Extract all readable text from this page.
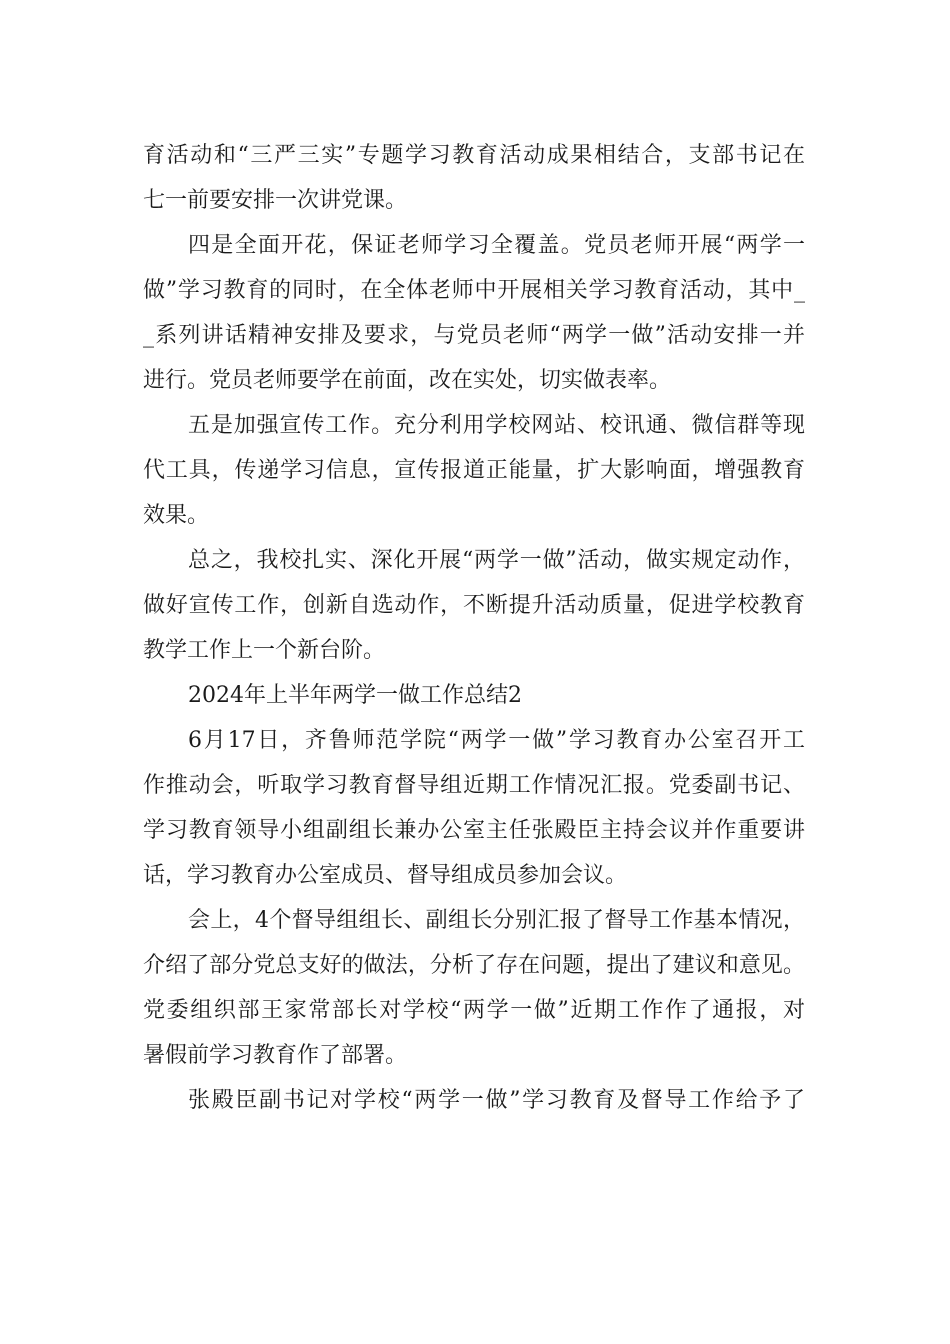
育活动和“三严三实”专题学习教育活动成果相结合，支部书记在
七一前要安排一次讲党课。
四是全面开花，保证老师学习全覆盖。党员老师开展“两学一
做”学习教育的同时，在全体老师中开展相关学习教育活动，其中_
_系列讲话精神安排及要求，与党员老师“两学一做”活动安排一并
进行。党员老师要学在前面，改在实处，切实做表率。
五是加强宣传工作。充分利用学校网站、校讯通、微信群等现
代工具，传递学习信息，宣传报道正能量，扩大影响面，增强教育
效果。
总之，我校扎实、深化开展“两学一做”活动，做实规定动作，
做好宣传工作，创新自选动作，不断提升活动质量，促进学校教育
教学工作上一个新台阶。
2024年上半年两学一做工作总结2
6月17日，齐鲁师范学院“两学一做”学习教育办公室召开工
作推动会，听取学习教育督导组近期工作情况汇报。党委副书记、
学习教育领导小组副组长兼办公室主任张殿臣主持会议并作重要讲
话，学习教育办公室成员、督导组成员参加会议。
会上，4个督导组组长、副组长分别汇报了督导工作基本情况，
介绍了部分党总支好的做法，分析了存在问题，提出了建议和意见。
党委组织部王家常部长对学校“两学一做”近期工作作了通报，对
暑假前学习教育作了部署。
张殿臣副书记对学校“两学一做”学习教育及督导工作给予了
